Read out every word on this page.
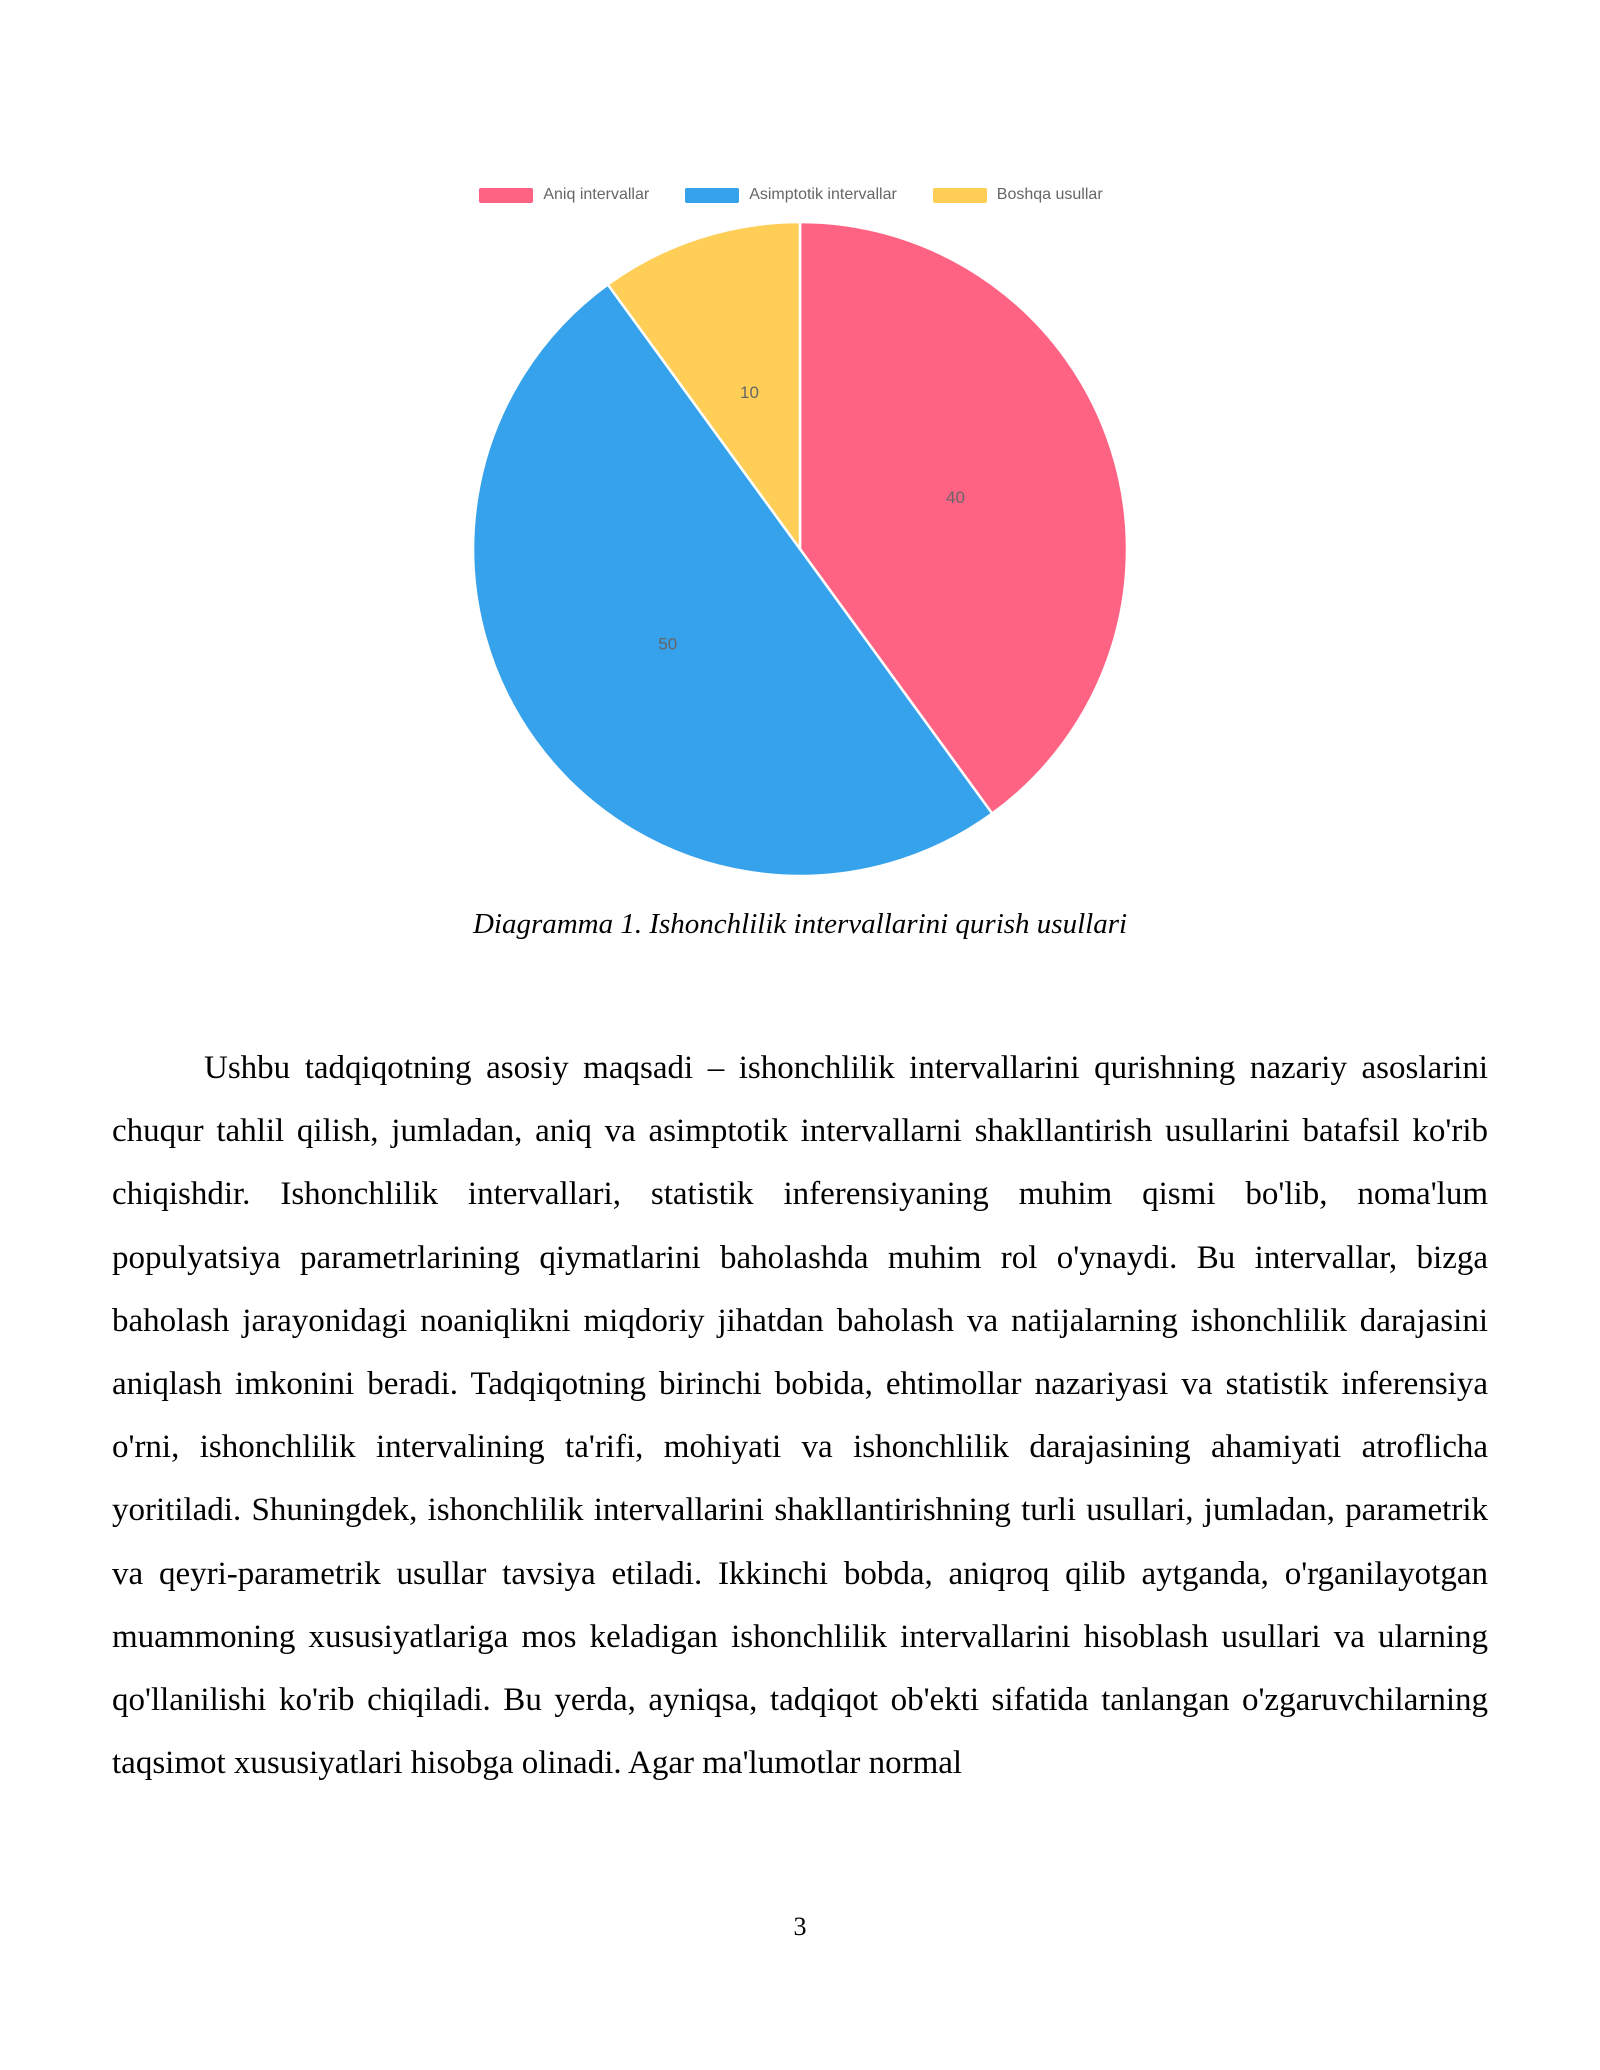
Aniq intervallar	Asimptotik intervallar	Boshqa usullar
40
50
10
Diagramma 1. Ishonchlilik intervallarini qurish usullari

Ushbu tadqiqotning asosiy maqsadi – ishonchlilik intervallarini qurishning nazariy asoslarini chuqur tahlil qilish, jumladan, aniq va asimptotik intervallarni shakllantirish usullarini batafsil ko'rib chiqishdir. Ishonchlilik intervallari, statistik inferensiyaning muhim qismi bo'lib, noma'lum populyatsiya parametrlarining qiymatlarini baholashda muhim rol o'ynaydi. Bu intervallar, bizga baholash jarayonidagi noaniqlikni miqdoriy jihatdan baholash va natijalarning ishonchlilik darajasini aniqlash imkonini beradi. Tadqiqotning birinchi bobida, ehtimollar nazariyasi va statistik inferensiya o'rni, ishonchlilik intervalining ta'rifi, mohiyati va ishonchlilik darajasining ahamiyati atroflicha yoritiladi. Shuningdek, ishonchlilik intervallarini shakllantirishning turli usullari, jumladan, parametrik va qeyri-parametrik usullar tavsiya etiladi. Ikkinchi bobda, aniqroq qilib aytganda, o'rganilayotgan muammoning xususiyatlariga mos keladigan ishonchlilik intervallarini hisoblash usullari va ularning qo'llanilishi ko'rib chiqiladi. Bu yerda, ayniqsa, tadqiqot ob'ekti sifatida tanlangan o'zgaruvchilarning taqsimot xususiyatlari hisobga olinadi. Agar ma'lumotlar normal

3
